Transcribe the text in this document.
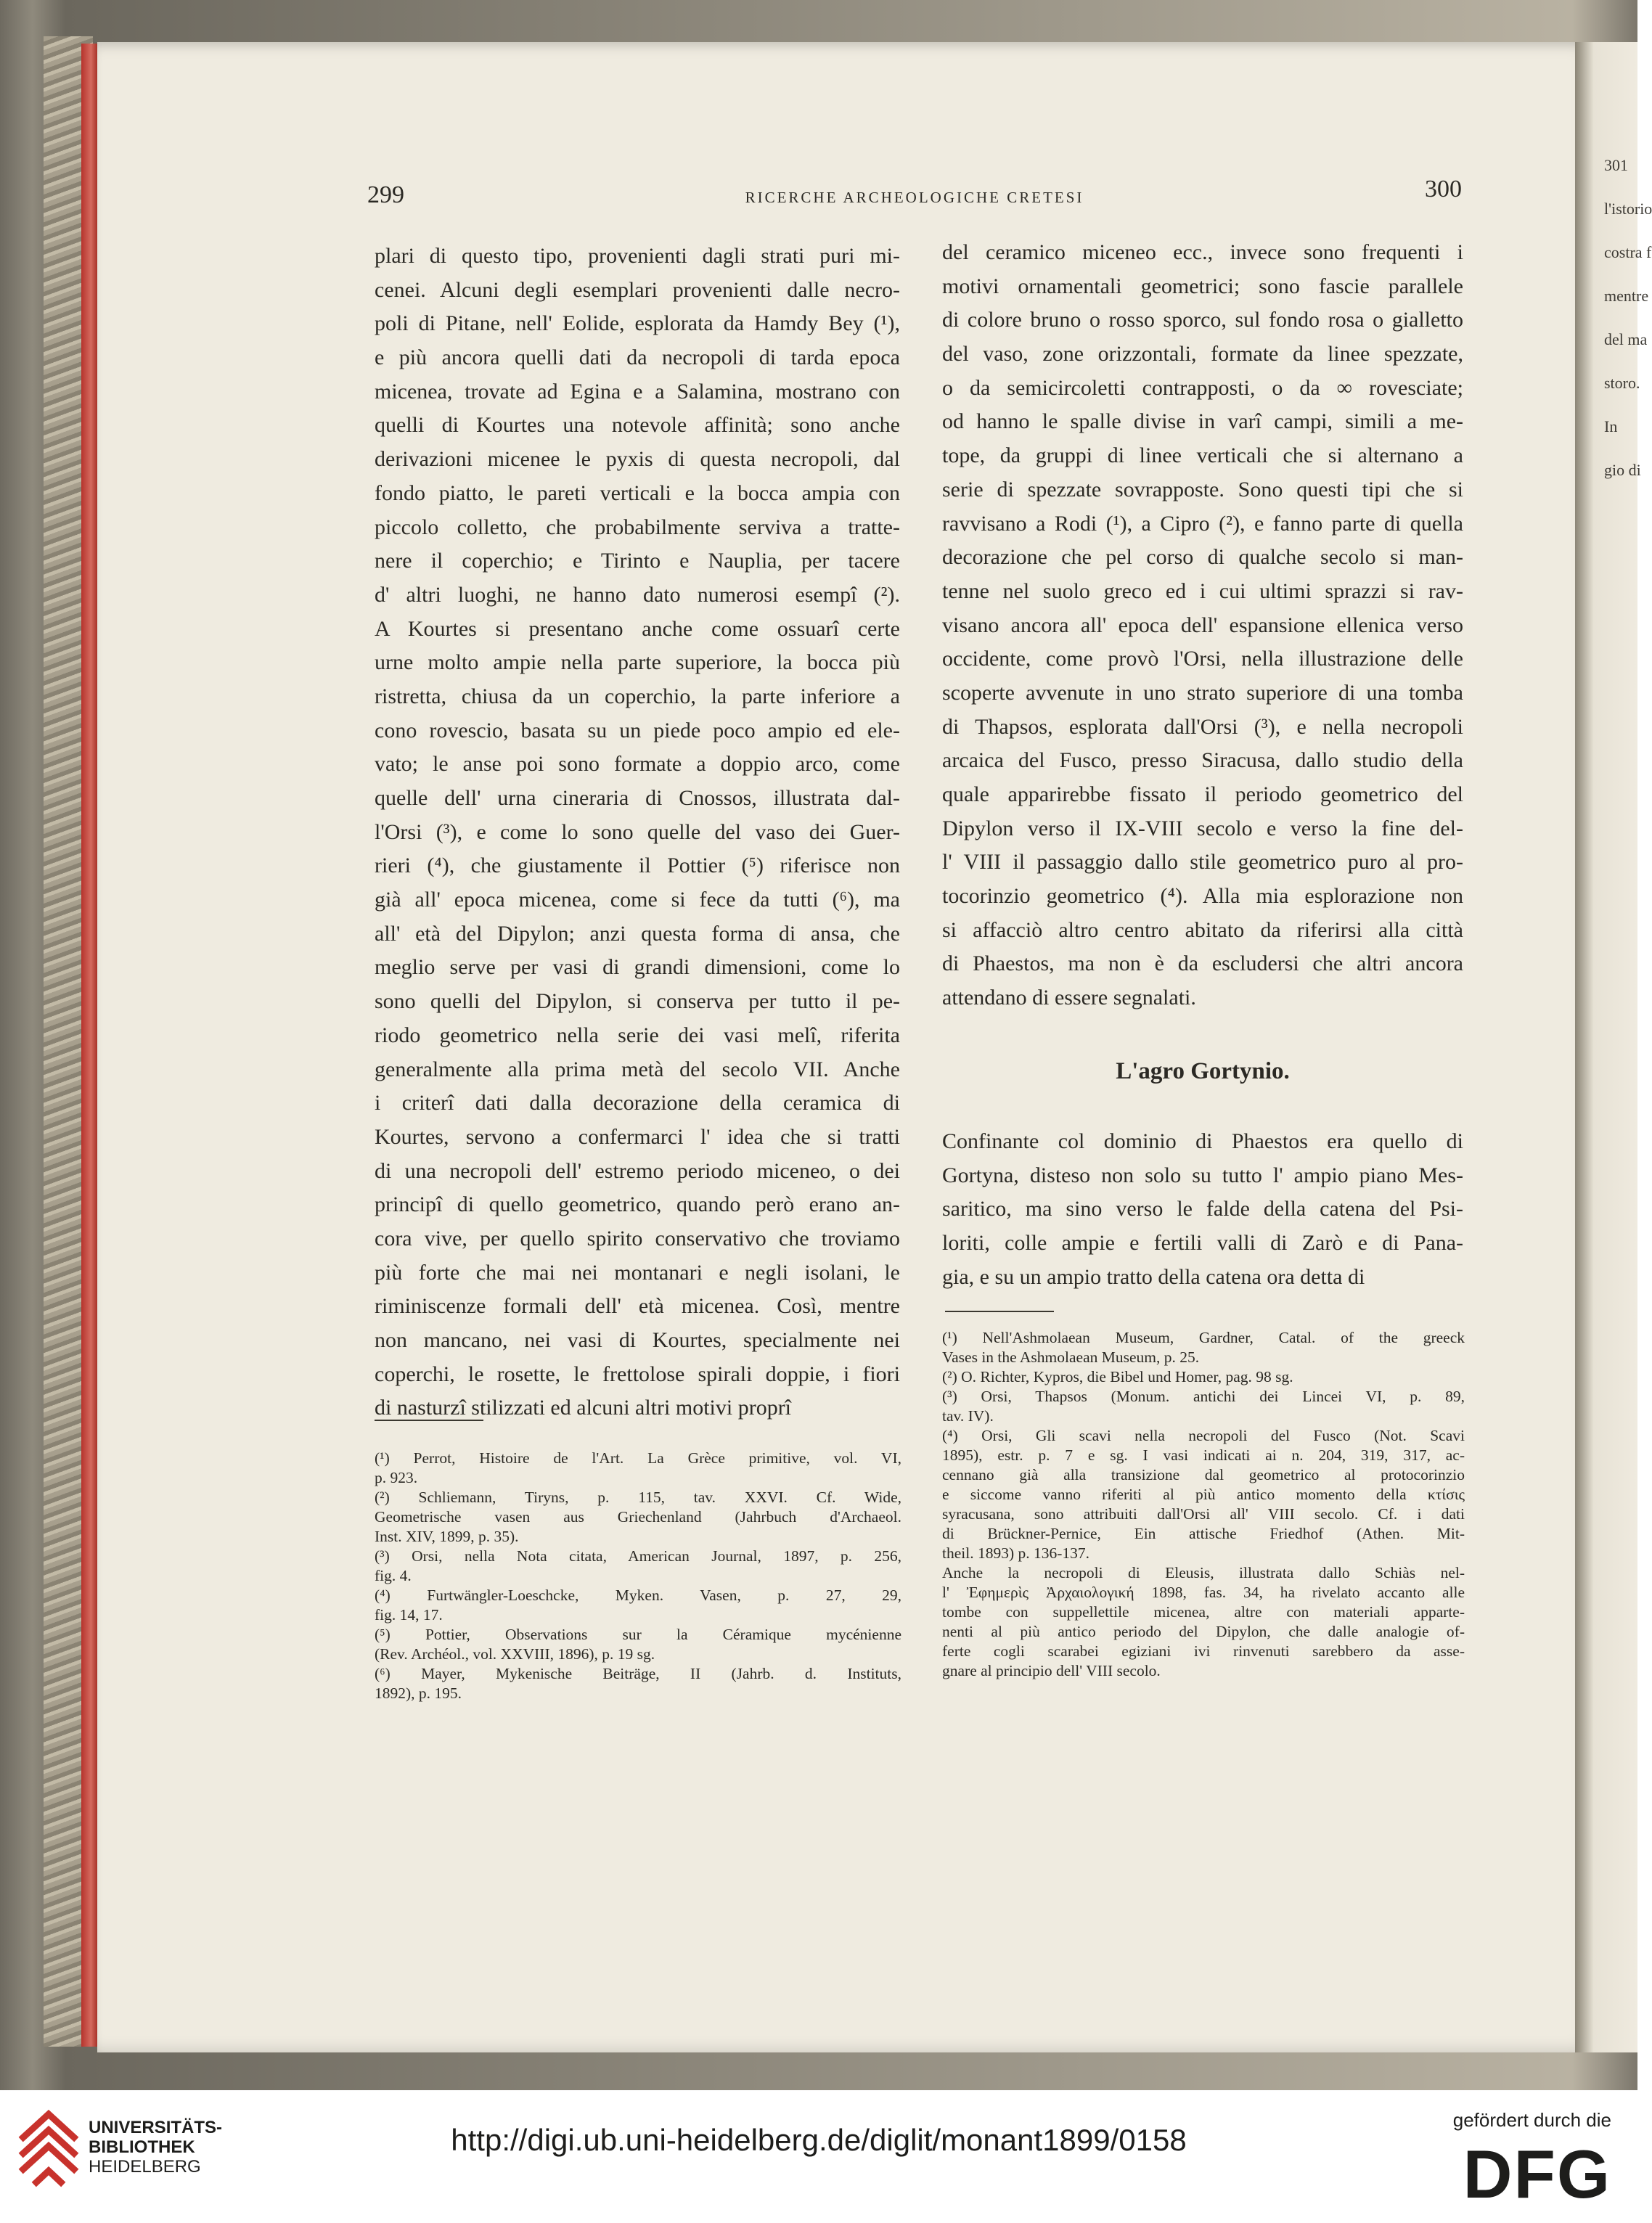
301
l'istorio
costra f
mentre
del ma
storo.
In
gio di
299	RICERCHE ARCHEOLOGICHE CRETESI	300
plari di questo tipo, provenienti dagli strati puri mi-
cenei. Alcuni degli esemplari provenienti dalle necro-
poli di Pitane, nell' Eolide, esplorata da Hamdy Bey (¹),
e più ancora quelli dati da necropoli di tarda epoca
micenea, trovate ad Egina e a Salamina, mostrano con
quelli di Kourtes una notevole affinità; sono anche
derivazioni micenee le pyxis di questa necropoli, dal
fondo piatto, le pareti verticali e la bocca ampia con
piccolo colletto, che probabilmente serviva a tratte-
nere il coperchio; e Tirinto e Nauplia, per tacere
d' altri luoghi, ne hanno dato numerosi esempî (²).
A Kourtes si presentano anche come ossuarî certe
urne molto ampie nella parte superiore, la bocca più
ristretta, chiusa da un coperchio, la parte inferiore a
cono rovescio, basata su un piede poco ampio ed ele-
vato; le anse poi sono formate a doppio arco, come
quelle dell' urna cineraria di Cnossos, illustrata dal-
l'Orsi (³), e come lo sono quelle del vaso dei Guer-
rieri (⁴), che giustamente il Pottier (⁵) riferisce non
già all' epoca micenea, come si fece da tutti (⁶), ma
all' età del Dipylon; anzi questa forma di ansa, che
meglio serve per vasi di grandi dimensioni, come lo
sono quelli del Dipylon, si conserva per tutto il pe-
riodo geometrico nella serie dei vasi melî, riferita
generalmente alla prima metà del secolo VII. Anche
i criterî dati dalla decorazione della ceramica di
Kourtes, servono a confermarci l' idea che si tratti
di una necropoli dell' estremo periodo miceneo, o dei
principî di quello geometrico, quando però erano an-
cora vive, per quello spirito conservativo che troviamo
più forte che mai nei montanari e negli isolani, le
riminiscenze formali dell' età micenea. Così, mentre
non mancano, nei vasi di Kourtes, specialmente nei
coperchi, le rosette, le frettolose spirali doppie, i fiori
di nasturzî stilizzati ed alcuni altri motivi proprî
del ceramico miceneo ecc., invece sono frequenti i
motivi ornamentali geometrici; sono fascie parallele
di colore bruno o rosso sporco, sul fondo rosa o gialletto
del vaso, zone orizzontali, formate da linee spezzate,
o da semicircoletti contrapposti, o da ∞ rovesciate;
od hanno le spalle divise in varî campi, simili a me-
tope, da gruppi di linee verticali che si alternano a
serie di spezzate sovrapposte. Sono questi tipi che si
ravvisano a Rodi (¹), a Cipro (²), e fanno parte di quella
decorazione che pel corso di qualche secolo si man-
tenne nel suolo greco ed i cui ultimi sprazzi si rav-
visano ancora all' epoca dell' espansione ellenica verso
occidente, come provò l'Orsi, nella illustrazione delle
scoperte avvenute in uno strato superiore di una tomba
di Thapsos, esplorata dall'Orsi (³), e nella necropoli
arcaica del Fusco, presso Siracusa, dallo studio della
quale apparirebbe fissato il periodo geometrico del
Dipylon verso il IX-VIII secolo e verso la fine del-
l' VIII il passaggio dallo stile geometrico puro al pro-
tocorinzio geometrico (⁴). Alla mia esplorazione non
si affacciò altro centro abitato da riferirsi alla città
di Phaestos, ma non è da escludersi che altri ancora
attendano di essere segnalati.
L'agro Gortynio.
Confinante col dominio di Phaestos era quello di
Gortyna, disteso non solo su tutto l' ampio piano Mes-
saritico, ma sino verso le falde della catena del Psi-
loriti, colle ampie e fertili valli di Zarò e di Pana-
gia, e su un ampio tratto della catena ora detta di
(¹) Perrot, Histoire de l'Art. La Grèce primitive, vol. VI,
p. 923.
(²) Schliemann, Tiryns, p. 115, tav. XXVI. Cf. Wide,
Geometrische vasen aus Griechenland (Jahrbuch d'Archaeol.
Inst. XIV, 1899, p. 35).
(³) Orsi, nella Nota citata, American Journal, 1897, p. 256,
fig. 4.
(⁴) Furtwängler-Loeschcke, Myken. Vasen, p. 27, 29,
fig. 14, 17.
(⁵) Pottier, Observations sur la Céramique mycénienne
(Rev. Archéol., vol. XXVIII, 1896), p. 19 sg.
(⁶) Mayer, Mykenische Beiträge, II (Jahrb. d. Instituts,
1892), p. 195.
(¹) Nell'Ashmolaean Museum, Gardner, Catal. of the greeck
Vases in the Ashmolaean Museum, p. 25.
(²) O. Richter, Kypros, die Bibel und Homer, pag. 98 sg.
(³) Orsi, Thapsos (Monum. antichi dei Lincei VI, p. 89,
tav. IV).
(⁴) Orsi, Gli scavi nella necropoli del Fusco (Not. Scavi
1895), estr. p. 7 e sg. I vasi indicati ai n. 204, 319, 317, ac-
cennano già alla transizione dal geometrico al protocorinzio
e siccome vanno riferiti al più antico momento della κτίσις
syracusana, sono attribuiti dall'Orsi all' VIII secolo. Cf. i dati
di Brückner-Pernice, Ein attische Friedhof (Athen. Mit-
theil. 1893) p. 136-137.
Anche la necropoli di Eleusis, illustrata dallo Schiàs nel-
l' Ἐφημερὶς Ἀρχαιολογική 1898, fas. 34, ha rivelato accanto alle
tombe con suppellettile micenea, altre con materiali apparte-
nenti al più antico periodo del Dipylon, che dalle analogie of-
ferte cogli scarabei egiziani ivi rinvenuti sarebbero da asse-
gnare al principio dell' VIII secolo.
UNIVERSITÄTS-
BIBLIOTHEK
HEIDELBERG
http://digi.ub.uni-heidelberg.de/diglit/monant1899/0158
gefördert durch die
DFG
